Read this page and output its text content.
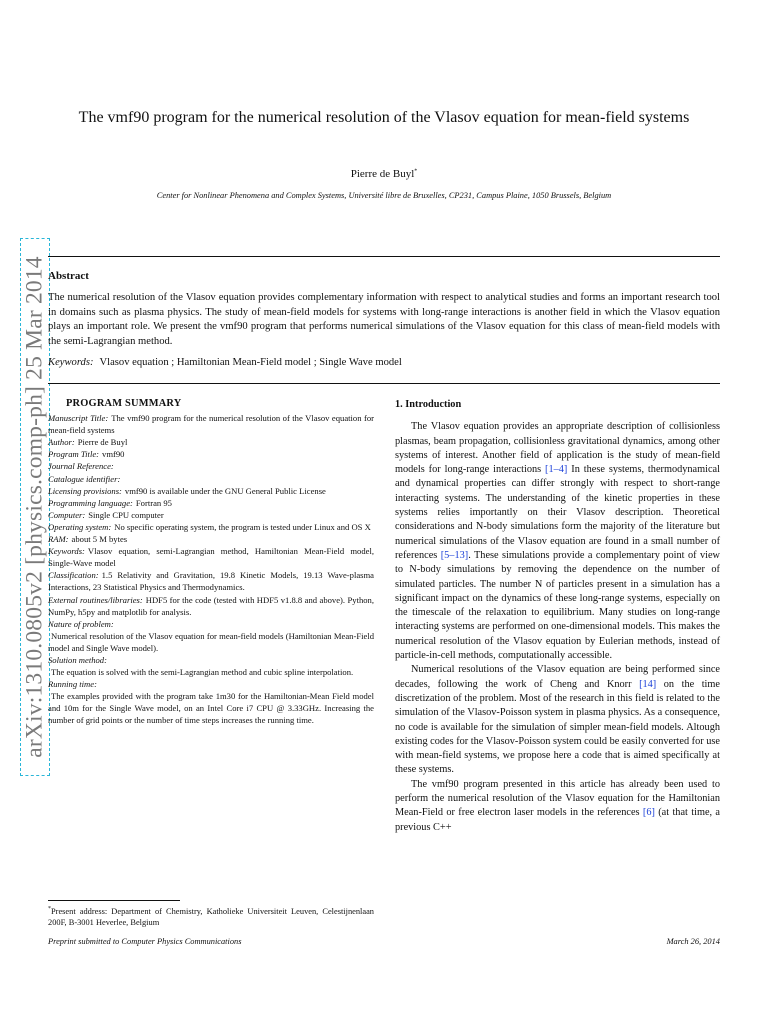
arXiv:1310.0805v2 [physics.comp-ph] 25 Mar 2014
The vmf90 program for the numerical resolution of the Vlasov equation for mean-field systems
Pierre de Buyl*
Center for Nonlinear Phenomena and Complex Systems, Université libre de Bruxelles, CP231, Campus Plaine, 1050 Brussels, Belgium
Abstract
The numerical resolution of the Vlasov equation provides complementary information with respect to analytical studies and forms an important research tool in domains such as plasma physics. The study of mean-field models for systems with long-range interactions is another field in which the Vlasov equation plays an important role. We present the vmf90 program that performs numerical simulations of the Vlasov equation for this class of mean-field models with the semi-Lagrangian method.
Keywords: Vlasov equation ; Hamiltonian Mean-Field model ; Single Wave model
PROGRAM SUMMARY
Manuscript Title: The vmf90 program for the numerical resolution of the Vlasov equation for mean-field systems
Author: Pierre de Buyl
Program Title: vmf90
Journal Reference:
Catalogue identifier:
Licensing provisions: vmf90 is available under the GNU General Public License
Programming language: Fortran 95
Computer: Single CPU computer
Operating system: No specific operating system, the program is tested under Linux and OS X
RAM: about 5 M bytes
Keywords: Vlasov equation, semi-Lagrangian method, Hamiltonian Mean-Field model, Single-Wave model
Classification: 1.5 Relativity and Gravitation, 19.8 Kinetic Models, 19.13 Wave-plasma Interactions, 23 Statistical Physics and Thermodynamics.
External routines/libraries: HDF5 for the code (tested with HDF5 v1.8.8 and above). Python, NumPy, h5py and matplotlib for analysis.
Nature of problem:
Numerical resolution of the Vlasov equation for mean-field models (Hamiltonian Mean-Field model and Single Wave model).
Solution method:
The equation is solved with the semi-Lagrangian method and cubic spline interpolation.
Running time:
The examples provided with the program take 1m30 for the Hamiltonian-Mean Field model and 10m for the Single Wave model, on an Intel Core i7 CPU @ 3.33GHz. Increasing the number of grid points or the number of time steps increases the running time.
1. Introduction

The Vlasov equation provides an appropriate description of collisionless plasmas, beam propagation, collisionless gravitational dynamics, among other systems of interest. Another field of application is the study of mean-field models for long-range interactions [1–4] In these systems, thermodynamical and dynamical properties can differ strongly with respect to short-range interacting systems. The understanding of the kinetic properties in these systems relies importantly on their Vlasov description. Theoretical considerations and N-body simulations form the majority of the literature but numerical simulations of the Vlasov equation are found in a small number of references [5–13]. These simulations provide a complementary point of view to N-body simulations by removing the dependence on the number of simulated particles. The number N of particles present in a simulation has a significant impact on the dynamics of these long-range systems, especially on the timescale of the relaxation to equilibrium. Many studies on long-range interacting systems are performed on one-dimensional models. This makes the numerical resolution of the Vlasov equation by Eulerian methods, instead of particle-in-cell methods, computationally accessible.

Numerical resolutions of the Vlasov equation are being performed since decades, following the work of Cheng and Knorr [14] on the time discretization of the problem. Most of the research in this field is related to the simulation of the Vlasov-Poisson system in plasma physics. As a consequence, no code is available for the simulation of simpler mean-field models. Altough existing codes for the Vlasov-Poisson system could be easily converted for use with mean-field systems, we propose here a code that is aimed specifically at these systems.

The vmf90 program presented in this article has already been used to perform the numerical resolution of the Vlasov equation for the Hamiltonian Mean-Field or free electron laser models in the references [6] (at that time, a previous C++

*Present address: Department of Chemistry, Katholieke Universiteit Leuven, Celestijnenlaan 200F, B-3001 Heverlee, Belgium
Preprint submitted to Computer Physics Communications	March 26, 2014
